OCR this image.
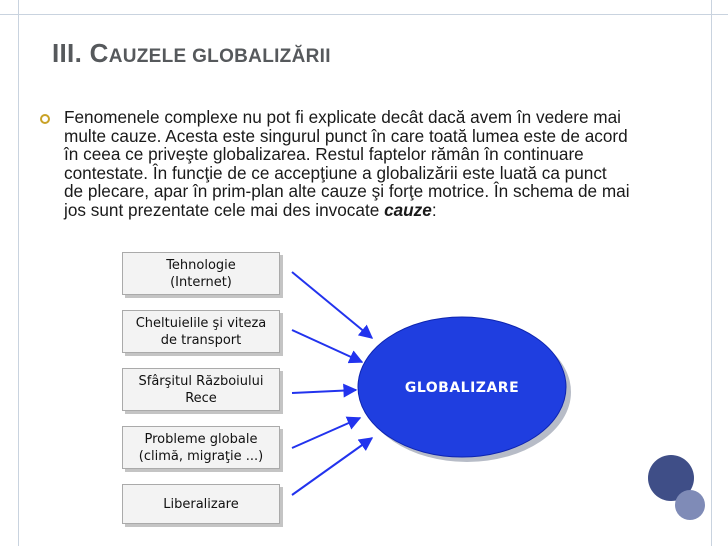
III. CAUZELE GLOBALIZĂRII

Fenomenele complexe nu pot fi explicate decât dacă avem în vedere mai multe cauze. Acesta este singurul punct în care toată lumea este de acord în ceea ce priveşte globalizarea. Restul faptelor rămân în continuare contestate. În funcţie de ce accepţiune a globalizării este luată ca punct de plecare, apar în prim-plan alte cauze şi forţe motrice. În schema de mai jos sunt prezentate cele mai des invocate cauze:

GLOBALIZARE
Tehnologie
(Internet)
Cheltuielile şi viteza
de transport
Sfârşitul Războiului
Rece
Probleme globale
(climă, migraţie ...)
Liberalizare
